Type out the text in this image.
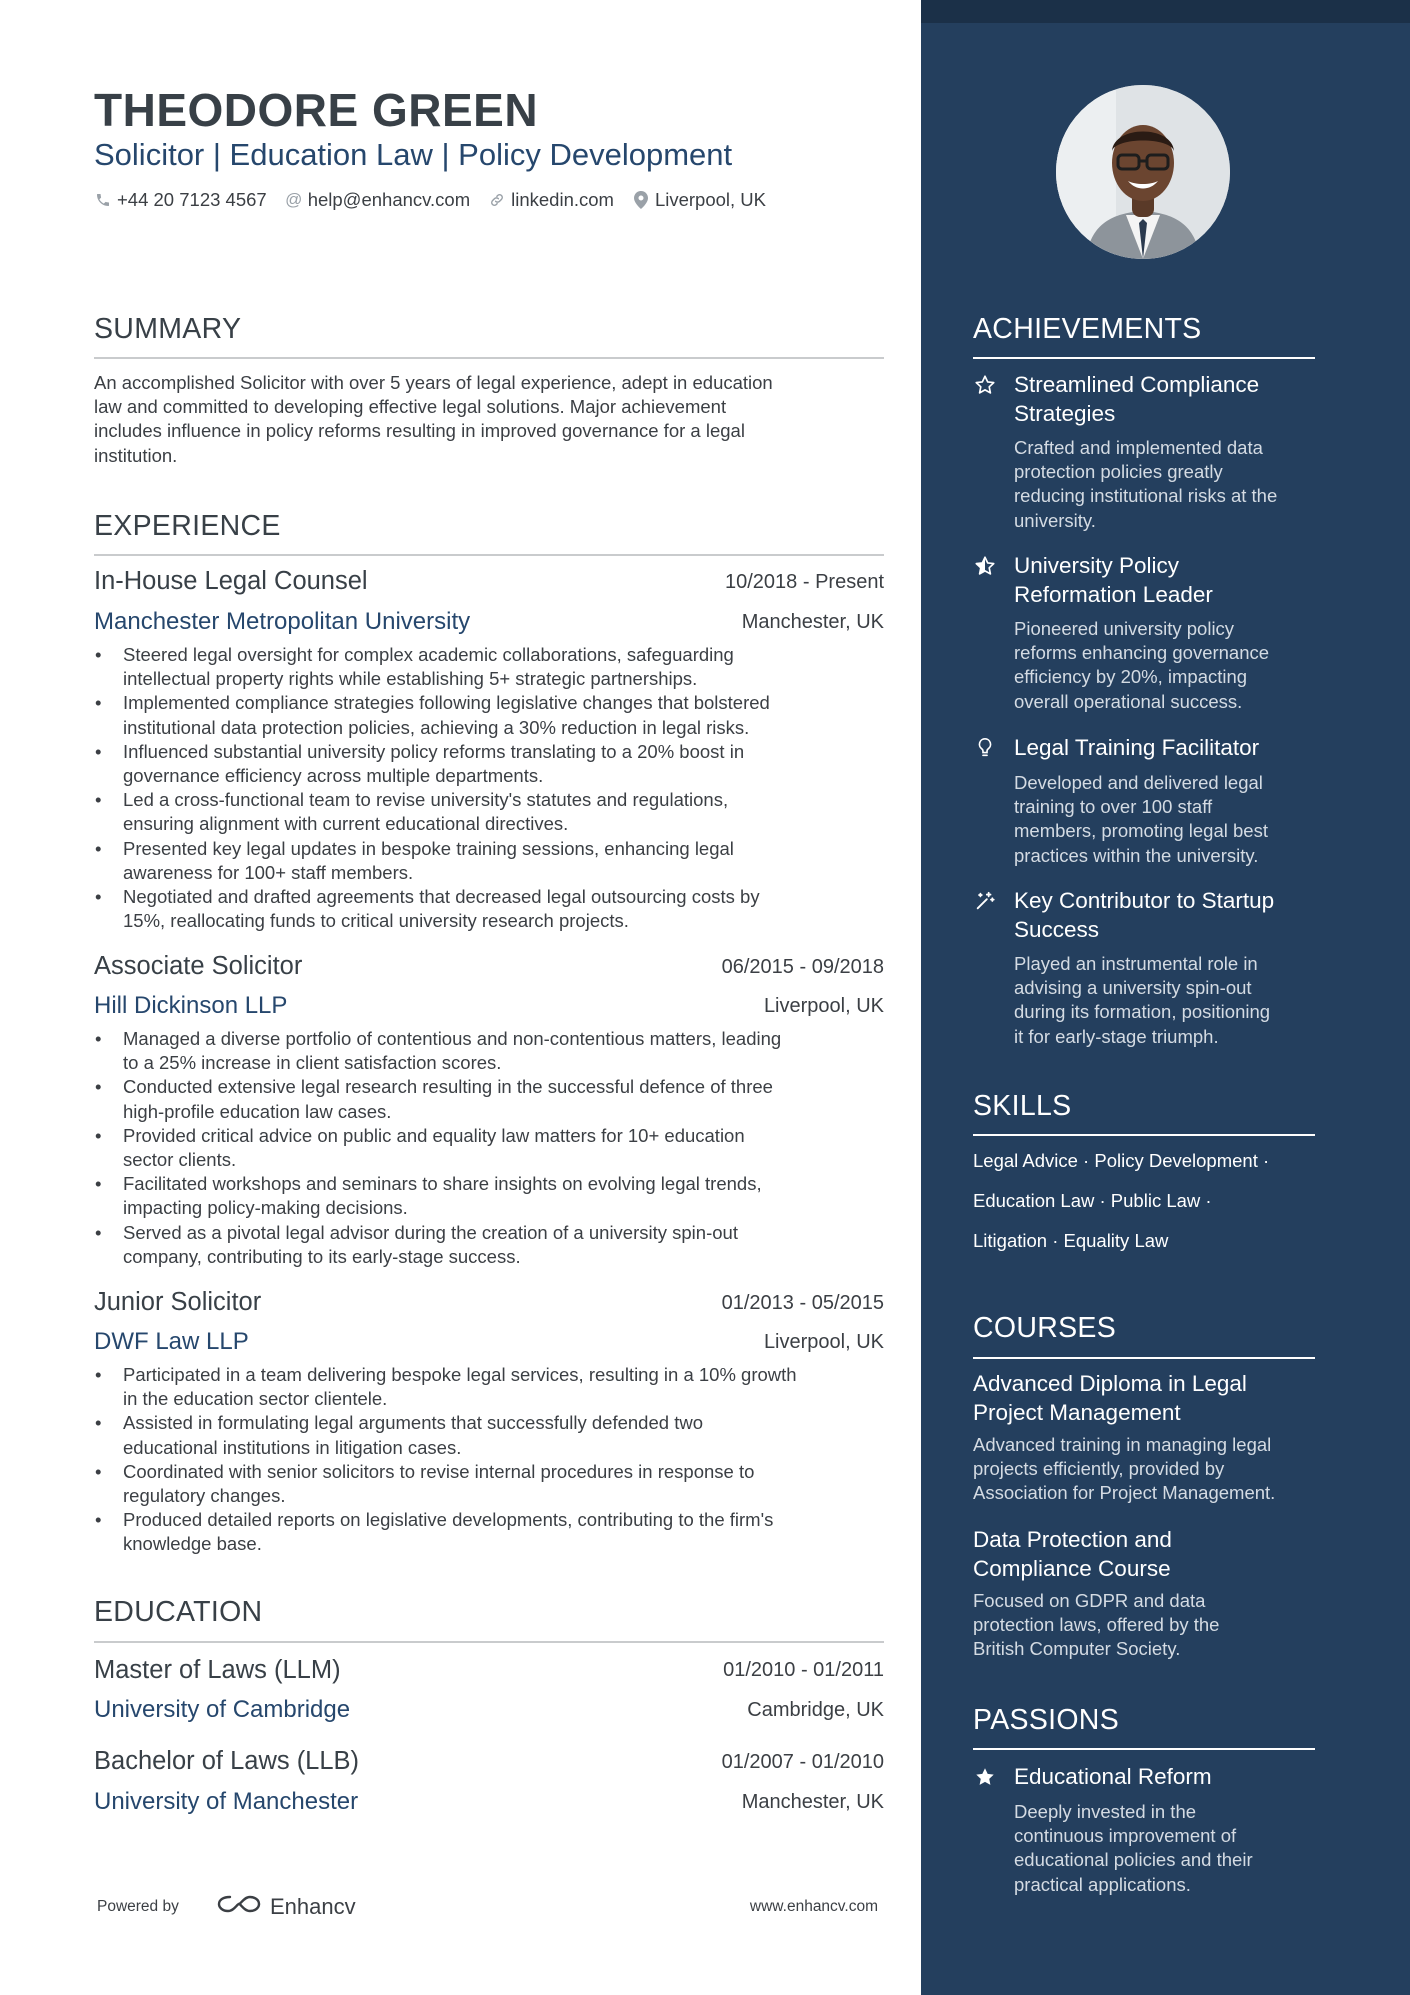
THEODORE GREEN
Solicitor | Education Law | Policy Development
+44 20 7123 4567 @ help@enhancv.com linkedin.com Liverpool, UK
SUMMARY
An accomplished Solicitor with over 5 years of legal experience, adept in education
law and committed to developing effective legal solutions. Major achievement
includes influence in policy reforms resulting in improved governance for a legal
institution.
EXPERIENCE
In-House Legal Counsel	10/2018 - Present
Manchester Metropolitan University	Manchester, UK
• Steered legal oversight for complex academic collaborations, safeguarding
intellectual property rights while establishing 5+ strategic partnerships.
• Implemented compliance strategies following legislative changes that bolstered
institutional data protection policies, achieving a 30% reduction in legal risks.
• Influenced substantial university policy reforms translating to a 20% boost in
governance efficiency across multiple departments.
• Led a cross-functional team to revise university's statutes and regulations,
ensuring alignment with current educational directives.
• Presented key legal updates in bespoke training sessions, enhancing legal
awareness for 100+ staff members.
• Negotiated and drafted agreements that decreased legal outsourcing costs by
15%, reallocating funds to critical university research projects.
Associate Solicitor	06/2015 - 09/2018
Hill Dickinson LLP	Liverpool, UK
• Managed a diverse portfolio of contentious and non-contentious matters, leading
to a 25% increase in client satisfaction scores.
• Conducted extensive legal research resulting in the successful defence of three
high-profile education law cases.
• Provided critical advice on public and equality law matters for 10+ education
sector clients.
• Facilitated workshops and seminars to share insights on evolving legal trends,
impacting policy-making decisions.
• Served as a pivotal legal advisor during the creation of a university spin-out
company, contributing to its early-stage success.
Junior Solicitor	01/2013 - 05/2015
DWF Law LLP	Liverpool, UK
• Participated in a team delivering bespoke legal services, resulting in a 10% growth
in the education sector clientele.
• Assisted in formulating legal arguments that successfully defended two
educational institutions in litigation cases.
• Coordinated with senior solicitors to revise internal procedures in response to
regulatory changes.
• Produced detailed reports on legislative developments, contributing to the firm's
knowledge base.
EDUCATION
Master of Laws (LLM)	01/2010 - 01/2011
University of Cambridge	Cambridge, UK
Bachelor of Laws (LLB)	01/2007 - 01/2010
University of Manchester	Manchester, UK
Powered by	Enhancv	www.enhancv.com
ACHIEVEMENTS
Streamlined Compliance
Strategies
Crafted and implemented data
protection policies greatly
reducing institutional risks at the
university.
University Policy
Reformation Leader
Pioneered university policy
reforms enhancing governance
efficiency by 20%, impacting
overall operational success.
Legal Training Facilitator
Developed and delivered legal
training to over 100 staff
members, promoting legal best
practices within the university.
Key Contributor to Startup
Success
Played an instrumental role in
advising a university spin-out
during its formation, positioning
it for early-stage triumph.
SKILLS
Legal Advice · Policy Development ·
Education Law · Public Law ·
Litigation · Equality Law
COURSES
Advanced Diploma in Legal
Project Management
Advanced training in managing legal
projects efficiently, provided by
Association for Project Management.
Data Protection and
Compliance Course
Focused on GDPR and data
protection laws, offered by the
British Computer Society.
PASSIONS
Educational Reform
Deeply invested in the
continuous improvement of
educational policies and their
practical applications.
